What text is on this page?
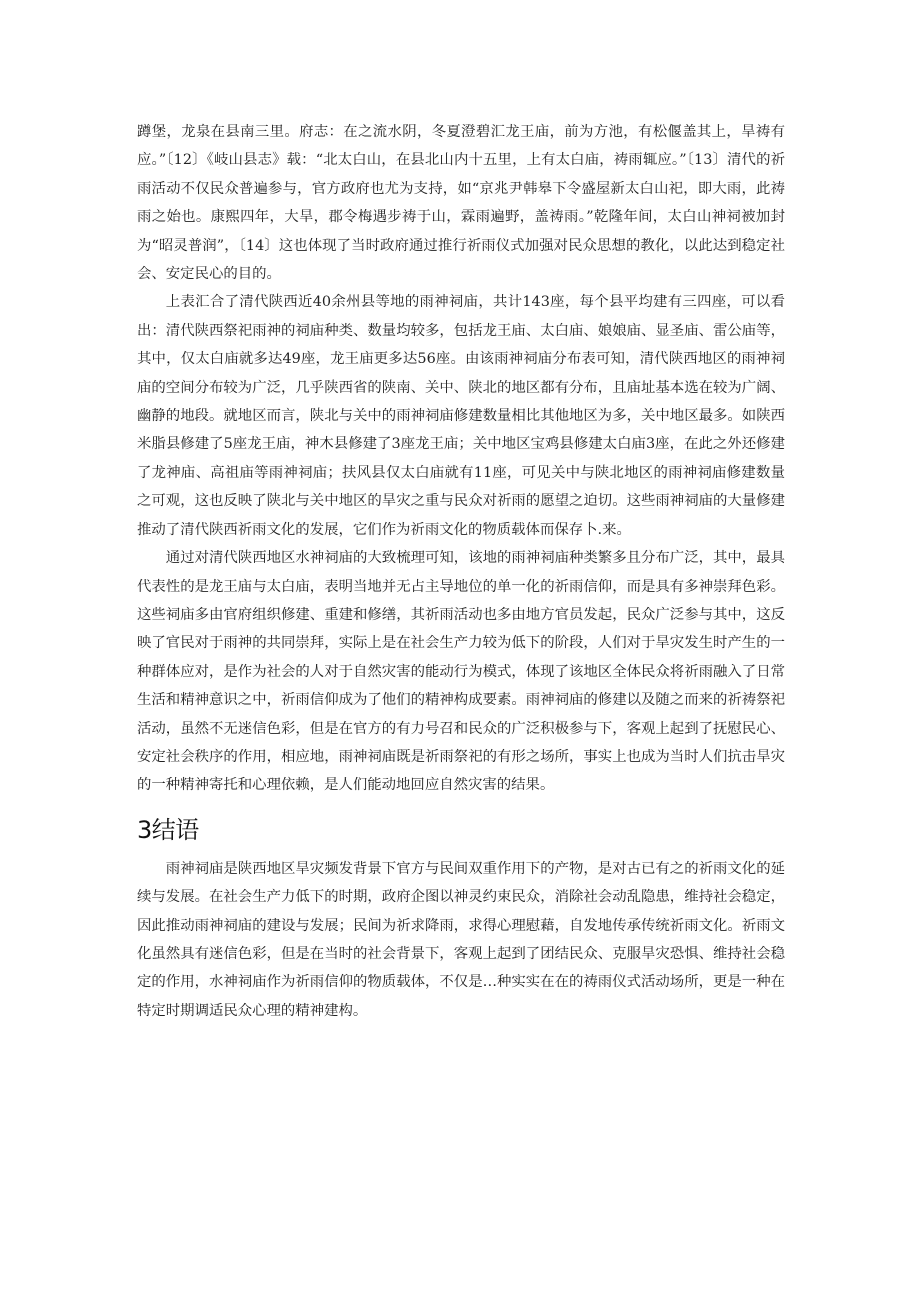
蹲堡，龙泉在县南三里。府志：在之流水阴，冬夏澄碧汇龙王庙，前为方池，有松偃盖其上，旱祷有应。”〔12〕《岐山县志》载：“北太白山，在县北山内十五里，上有太白庙，祷雨辄应。”〔13〕清代的祈雨活动不仅民众普遍参与，官方政府也尤为支持，如“京兆尹韩皋下令盛屋新太白山祀，即大雨，此祷雨之始也。康熙四年，大旱，郡令梅遇步祷于山，霖雨遍野，盖祷雨。”乾隆年间，太白山神祠被加封为“昭灵普润”，〔14〕这也体现了当时政府通过推行祈雨仪式加强对民众思想的教化，以此达到稳定社会、安定民心的目的。

上表汇合了清代陕西近40余州县等地的雨神祠庙，共计143座，每个县平均建有三四座，可以看出：清代陕西祭祀雨神的祠庙种类、数量均较多，包括龙王庙、太白庙、娘娘庙、显圣庙、雷公庙等，其中，仅太白庙就多达49座，龙王庙更多达56座。由该雨神祠庙分布表可知，清代陕西地区的雨神祠庙的空间分布较为广泛，几乎陕西省的陕南、关中、陕北的地区都有分布，且庙址基本选在较为广阔、幽静的地段。就地区而言，陕北与关中的雨神祠庙修建数量相比其他地区为多，关中地区最多。如陕西米脂县修建了5座龙王庙，神木县修建了3座龙王庙；关中地区宝鸡县修建太白庙3座，在此之外还修建了龙神庙、高祖庙等雨神祠庙；扶风县仅太白庙就有11座，可见关中与陕北地区的雨神祠庙修建数量之可观，这也反映了陕北与关中地区的旱灾之重与民众对祈雨的愿望之迫切。这些雨神祠庙的大量修建推动了清代陕西祈雨文化的发展，它们作为祈雨文化的物质载体而保存卜.来。

通过对清代陕西地区水神祠庙的大致梳理可知，该地的雨神祠庙种类繁多且分布广泛，其中，最具代表性的是龙王庙与太白庙，表明当地并无占主导地位的单一化的祈雨信仰，而是具有多神崇拜色彩。这些祠庙多由官府组织修建、重建和修缮，其祈雨活动也多由地方官员发起，民众广泛参与其中，这反映了官民对于雨神的共同崇拜，实际上是在社会生产力较为低下的阶段，人们对于旱灾发生时产生的一种群体应对，是作为社会的人对于自然灾害的能动行为模式，体现了该地区全体民众将祈雨融入了日常生活和精神意识之中，祈雨信仰成为了他们的精神构成要素。雨神祠庙的修建以及随之而来的祈祷祭祀活动，虽然不无迷信色彩，但是在官方的有力号召和民众的广泛积极参与下，客观上起到了抚慰民心、安定社会秩序的作用，相应地，雨神祠庙既是祈雨祭祀的有形之场所，事实上也成为当时人们抗击旱灾的一种精神寄托和心理依赖，是人们能动地回应自然灾害的结果。

3结语

雨神祠庙是陕西地区旱灾频发背景下官方与民间双重作用下的产物，是对古已有之的祈雨文化的延续与发展。在社会生产力低下的时期，政府企图以神灵约束民众，消除社会动乱隐患，维持社会稳定，因此推动雨神祠庙的建设与发展；民间为祈求降雨，求得心理慰藉，自发地传承传统祈雨文化。祈雨文化虽然具有迷信色彩，但是在当时的社会背景下，客观上起到了团结民众、克服旱灾恐惧、维持社会稳定的作用，水神祠庙作为祈雨信仰的物质载体，不仅是…种实实在在的祷雨仪式活动场所，更是一种在特定时期调适民众心理的精神建构。
